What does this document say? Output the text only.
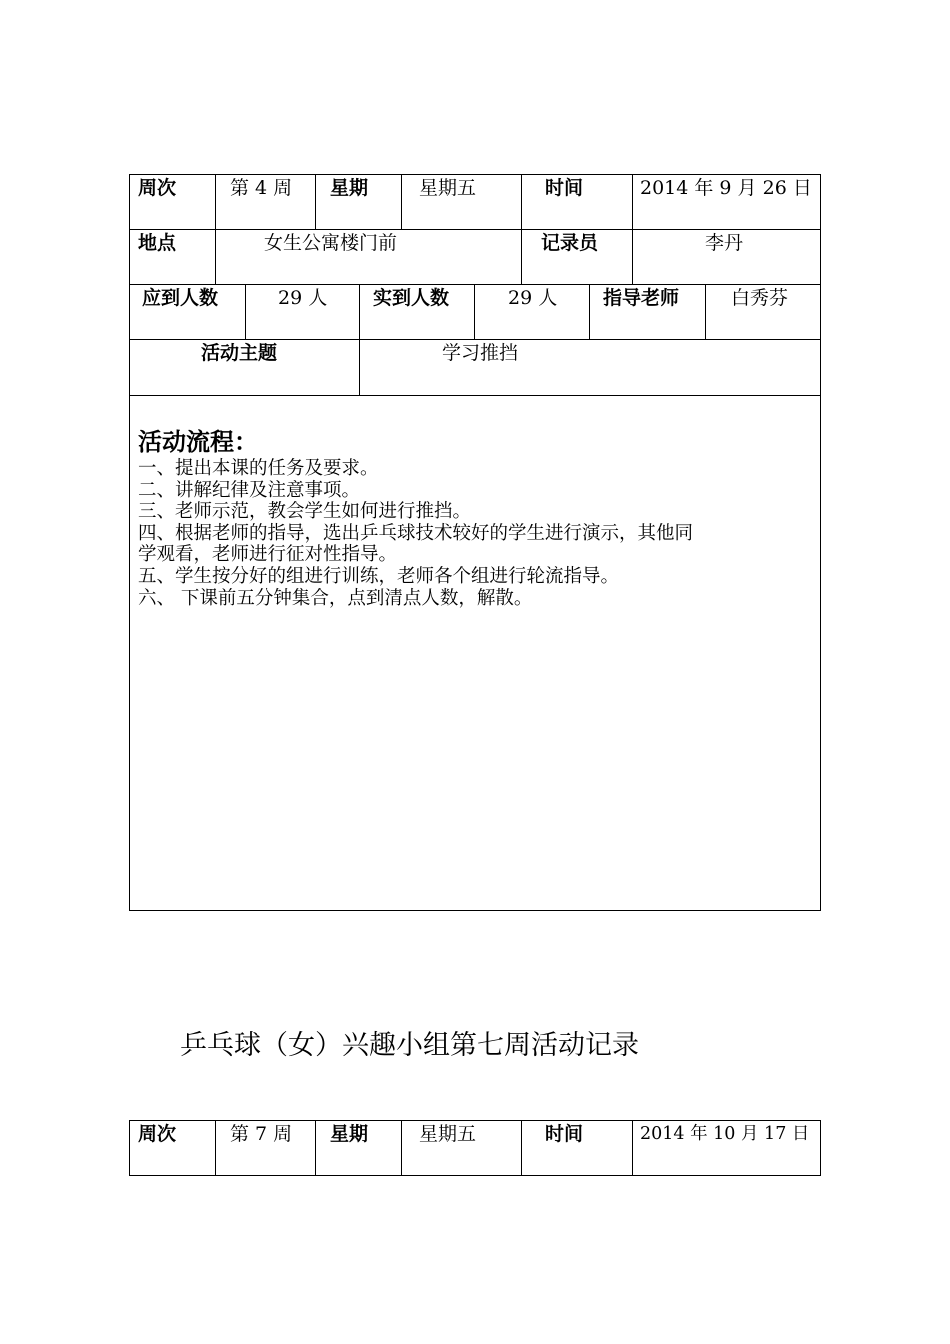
周次	第 4 周 星期	星期五	时间	2014 年 9 月 26 日
地点	女生公寓楼门前	记录员	李丹
应到人数	29 人 实到人数	29 人 指导老师	白秀芬
活动主题	学习推挡
活动流程：
一、提出本课的任务及要求。
二、讲解纪律及注意事项。
三、老师示范，教会学生如何进行推挡。
四、根据老师的指导，选出乒乓球技术较好的学生进行演示，其他同
学观看，老师进行征对性指导。
五、学生按分好的组进行训练，老师各个组进行轮流指导。
六、 下课前五分钟集合，点到清点人数，解散。
乒乓球（女）兴趣小组第七周活动记录
周次	第 7 周 星期	星期五	时间	2014 年 10 月 17 日
